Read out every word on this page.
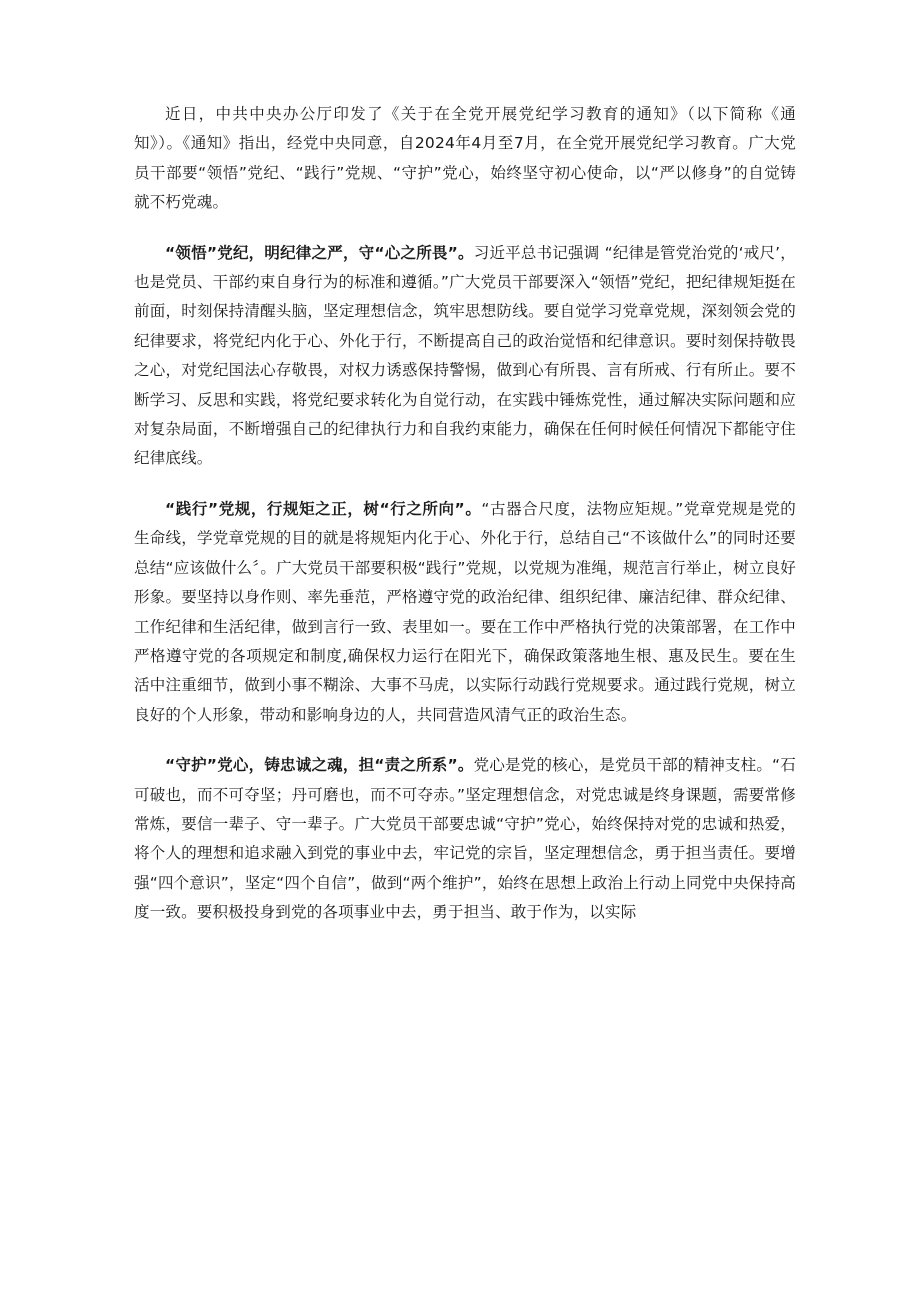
近日，中共中央办公厅印发了《关于在全党开展党纪学习教育的通知》（以下简称《通知》）。《通知》指出，经党中央同意，自2024年4月至7月，在全党开展党纪学习教育。广大党员干部要“领悟”党纪、“践行”党规、“守护”党心，始终坚守初心使命，以“严以修身”的自觉铸就不朽党魂。

“领悟”党纪，明纪律之严，守“心之所畏”。习近平总书记强调 “纪律是管党治党的‘戒尺’，也是党员、干部约束自身行为的标准和遵循。”广大党员干部要深入“领悟”党纪，把纪律规矩挺在前面，时刻保持清醒头脑，坚定理想信念，筑牢思想防线。要自觉学习党章党规，深刻领会党的纪律要求，将党纪内化于心、外化于行，不断提高自己的政治觉悟和纪律意识。要时刻保持敬畏之心，对党纪国法心存敬畏，对权力诱惑保持警惕，做到心有所畏、言有所戒、行有所止。要不断学习、反思和实践，将党纪要求转化为自觉行动，在实践中锤炼党性，通过解决实际问题和应对复杂局面，不断增强自己的纪律执行力和自我约束能力，确保在任何时候任何情况下都能守住纪律底线。

“践行”党规，行规矩之正，树“行之所向”。“古器合尺度，法物应矩规。”党章党规是党的生命线，学党章党规的目的就是将规矩内化于心、外化于行，总结自己“不该做什么”的同时还要总结“应该做什么〞。广大党员干部要积极“践行”党规，以党规为准绳，规范言行举止，树立良好形象。要坚持以身作则、率先垂范，严格遵守党的政治纪律、组织纪律、廉洁纪律、群众纪律、工作纪律和生活纪律，做到言行一致、表里如一。要在工作中严格执行党的决策部署，在工作中严格遵守党的各项规定和制度,确保权力运行在阳光下，确保政策落地生根、惠及民生。要在生活中注重细节，做到小事不糊涂、大事不马虎，以实际行动践行党规要求。通过践行党规，树立良好的个人形象，带动和影响身边的人，共同营造风清气正的政治生态。

“守护”党心，铸忠诚之魂，担“责之所系”。党心是党的核心，是党员干部的精神支柱。“石可破也，而不可夺坚；丹可磨也，而不可夺赤。”坚定理想信念，对党忠诚是终身课题，需要常修常炼，要信一辈子、守一辈子。广大党员干部要忠诚“守护”党心，始终保持对党的忠诚和热爱，将个人的理想和追求融入到党的事业中去，牢记党的宗旨，坚定理想信念，勇于担当责任。要增强“四个意识”，坚定“四个自信”，做到“两个维护”，始终在思想上政治上行动上同党中央保持高度一致。要积极投身到党的各项事业中去，勇于担当、敢于作为，以实际
